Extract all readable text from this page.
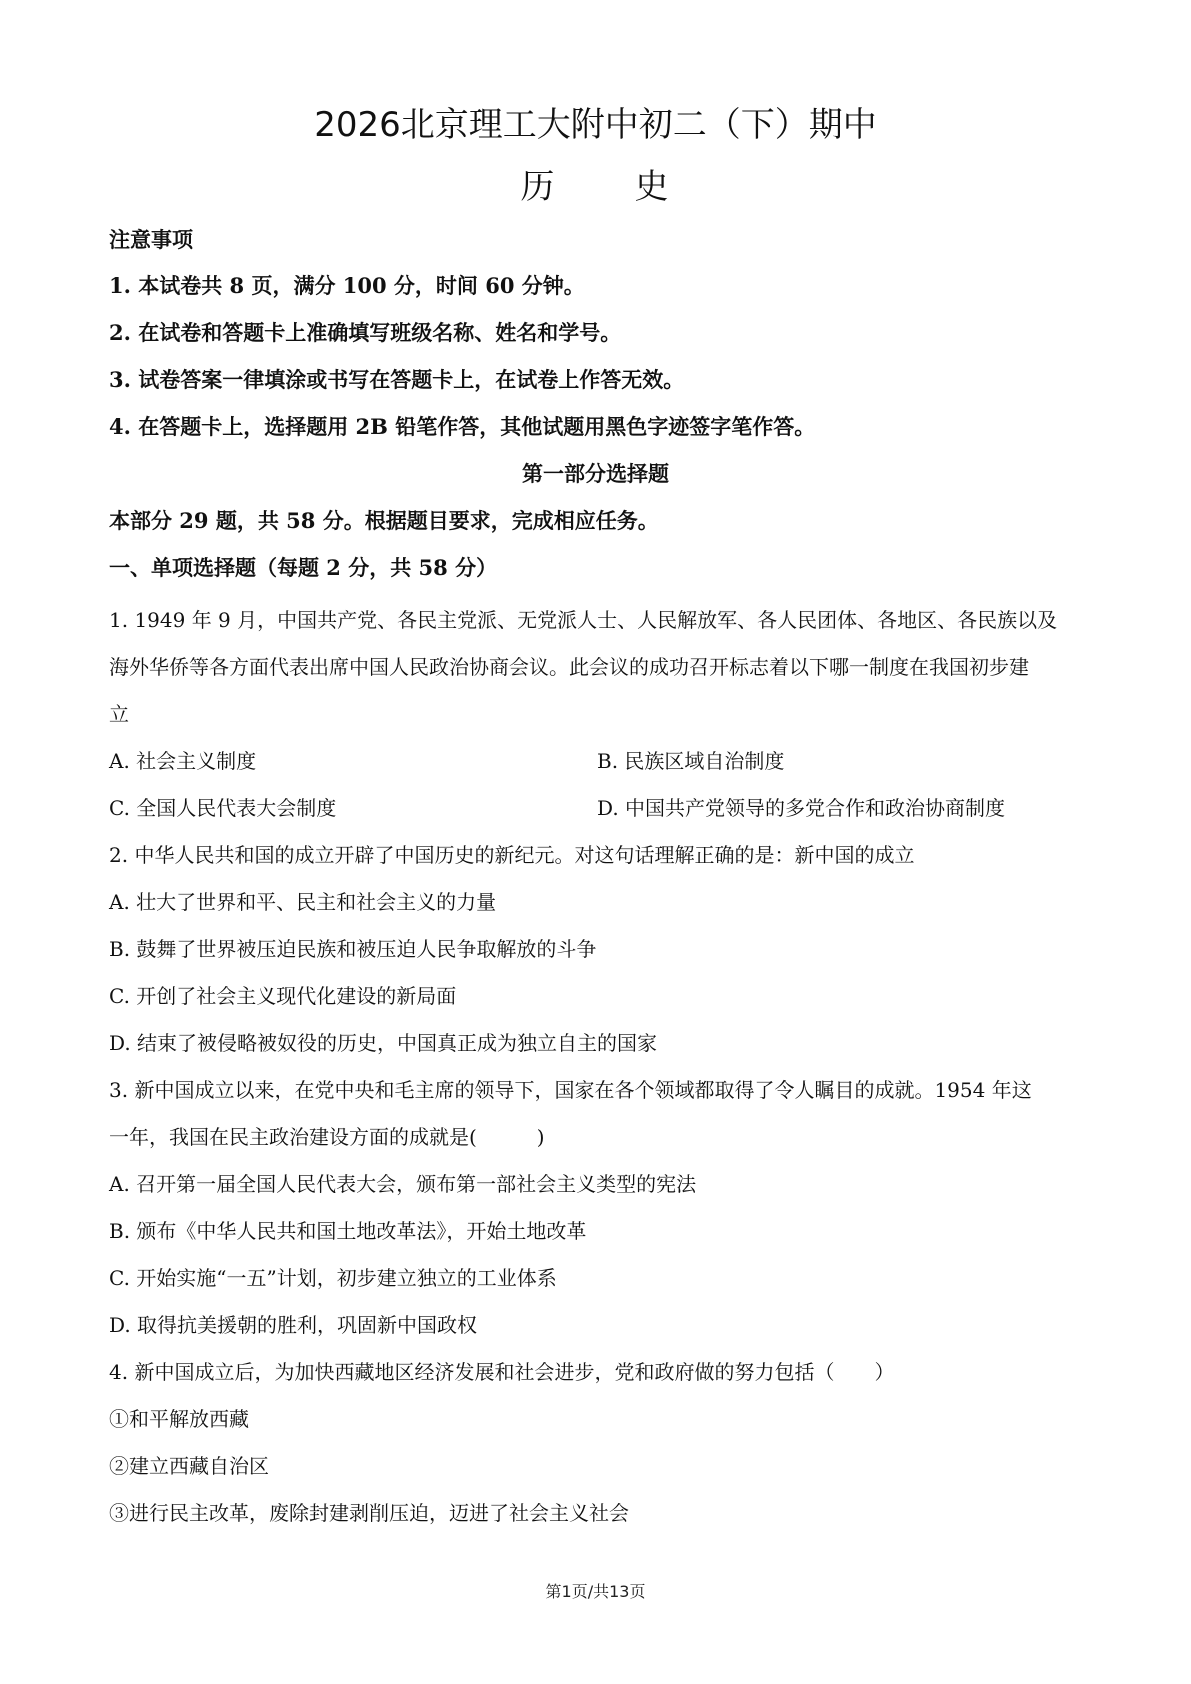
2026北京理工大附中初二（下）期中
历 史
注意事项
1. 本试卷共 8 页，满分 100 分，时间 60 分钟。
2. 在试卷和答题卡上准确填写班级名称、姓名和学号。
3. 试卷答案一律填涂或书写在答题卡上，在试卷上作答无效。
4. 在答题卡上，选择题用 2B 铅笔作答，其他试题用黑色字迹签字笔作答。
第一部分选择题
本部分 29 题，共 58 分。根据题目要求，完成相应任务。
一、单项选择题（每题 2 分，共 58 分）
1. 1949 年 9 月，中国共产党、各民主党派、无党派人士、人民解放军、各人民团体、各地区、各民族以及
海外华侨等各方面代表出席中国人民政治协商会议。此会议的成功召开标志着以下哪一制度在我国初步建
立
A. 社会主义制度	B. 民族区域自治制度
C. 全国人民代表大会制度	D. 中国共产党领导的多党合作和政治协商制度
2. 中华人民共和国的成立开辟了中国历史的新纪元。对这句话理解正确的是：新中国的成立
A. 壮大了世界和平、民主和社会主义的力量
B. 鼓舞了世界被压迫民族和被压迫人民争取解放的斗争
C. 开创了社会主义现代化建设的新局面
D. 结束了被侵略被奴役的历史，中国真正成为独立自主的国家
3. 新中国成立以来，在党中央和毛主席的领导下，国家在各个领域都取得了令人瞩目的成就。1954 年这
一年，我国在民主政治建设方面的成就是(　　　)
A. 召开第一届全国人民代表大会，颁布第一部社会主义类型的宪法
B. 颁布《中华人民共和国土地改革法》，开始土地改革
C. 开始实施“一五”计划，初步建立独立的工业体系
D. 取得抗美援朝的胜利，巩固新中国政权
4. 新中国成立后，为加快西藏地区经济发展和社会进步，党和政府做的努力包括（　　）
①和平解放西藏
②建立西藏自治区
③进行民主改革，废除封建剥削压迫，迈进了社会主义社会
第1页/共13页
